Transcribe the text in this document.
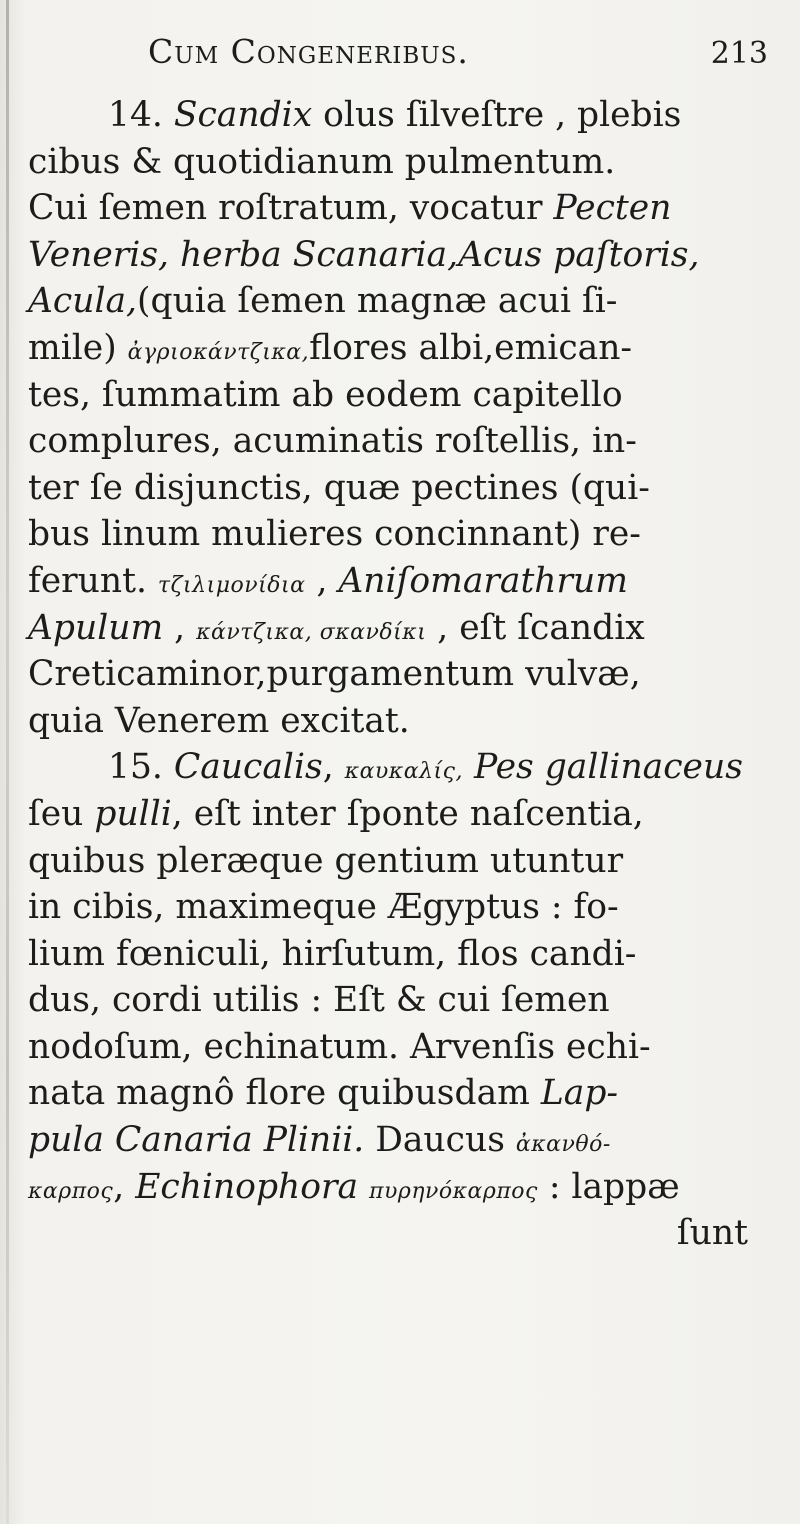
Cum Congeneribus.	213
14. Scandix olus ſilveſtre , plebis
cibus & quotidianum pulmentum.
Cui ſemen roſtratum, vocatur Pecten
Veneris, herba Scanaria,Acus paſtoris,
Acula,(quia ſemen magnæ acui ſi-
mile) ἀγριοκάντζικα,flores albi,emican-
tes, ſummatim ab eodem capitello
complures, acuminatis roſtellis, in-
ter ſe disjunctis, quæ pectines (qui-
bus linum mulieres concinnant) re-
ferunt. τζιλιμονίδια , Aniſomarathrum
Apulum , κάντζικα, σκανδίκι , eſt ſcandix
Creticaminor,purgamentum vulvæ,
quia Venerem excitat.
15. Caucalis, καυκαλίς, Pes gallinaceus
ſeu pulli, eſt inter ſponte naſcentia,
quibus pleræque gentium utuntur
in cibis, maximeque Ægyptus : fo-
lium fœniculi, hirſutum, flos candi-
dus, cordi utilis : Eſt & cui ſemen
nodoſum, echinatum. Arvenſis echi-
nata magnô flore quibusdam Lap-
pula Canaria Plinii. Daucus ἀκανθό-
καρπος, Echinophora πυρηνόκαρπος : lappæ
ſunt
